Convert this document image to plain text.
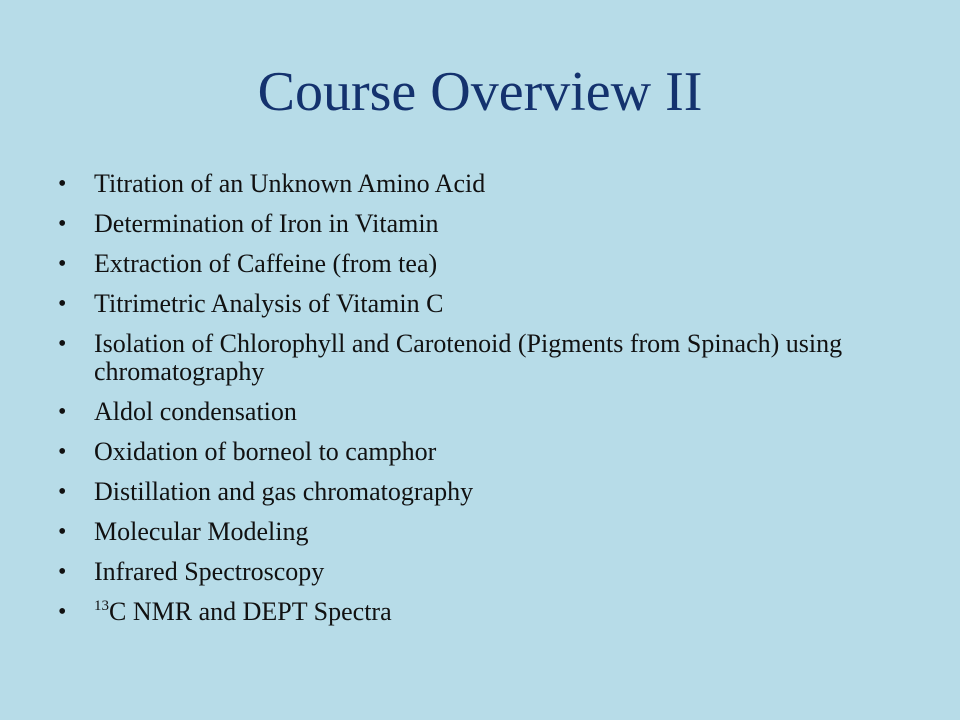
Course Overview II
• Titration of an Unknown Amino Acid
• Determination of Iron in Vitamin
• Extraction of Caffeine (from tea)
• Titrimetric Analysis of Vitamin C
• Isolation of Chlorophyll and Carotenoid (Pigments from Spinach) using chromatography
• Aldol condensation
• Oxidation of borneol to camphor
• Distillation and gas chromatography
• Molecular Modeling
• Infrared Spectroscopy
• $^{13}$C NMR and DEPT Spectra
